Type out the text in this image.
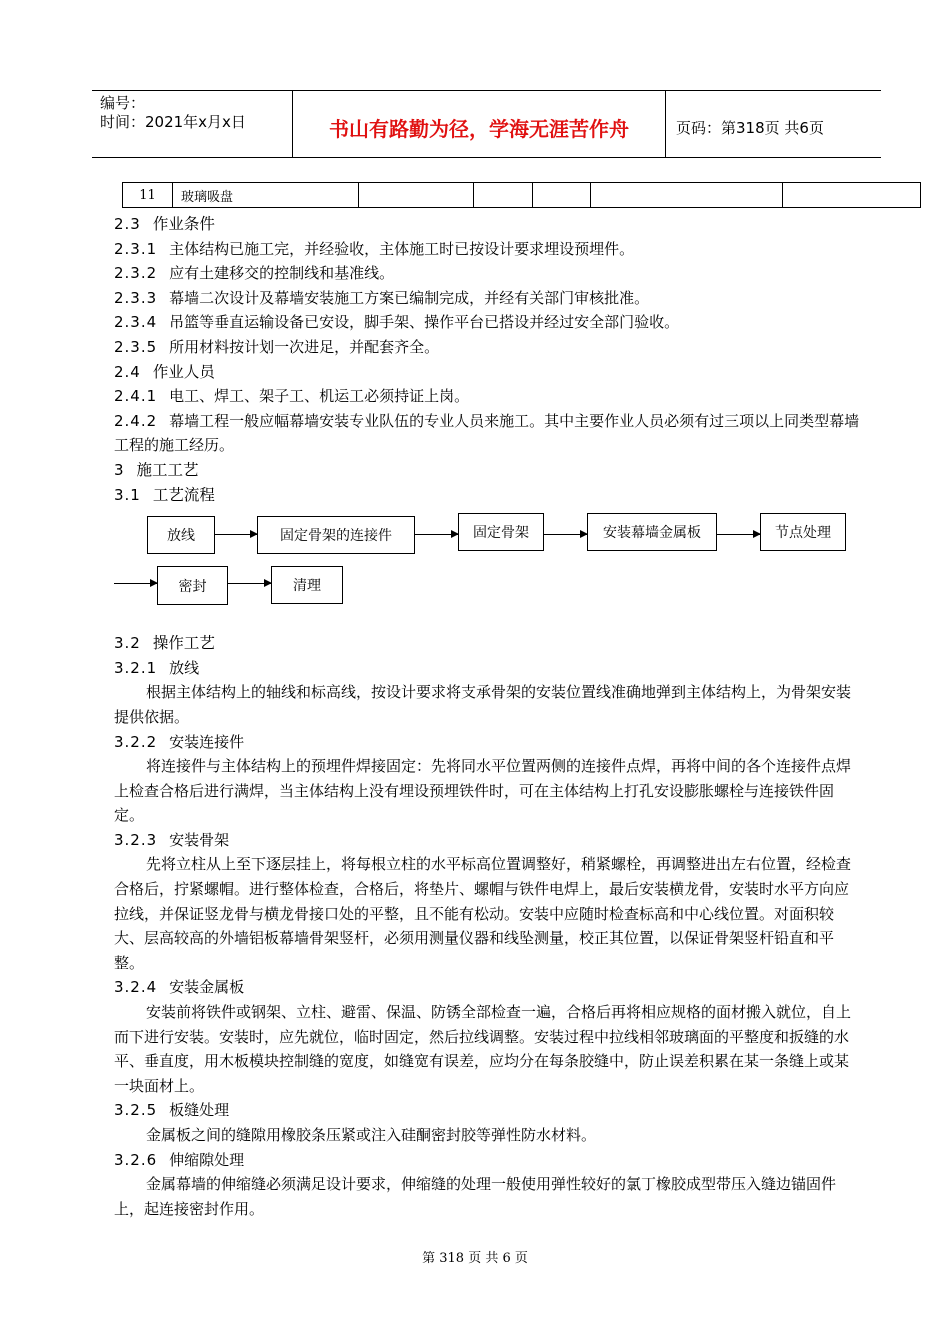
编号：
时间：2021年x月x日	书山有路勤为径，学海无涯苦作舟	页码：第318页 共6页
11	玻璃吸盘					

2.3 作业条件

2.3.1 主体结构已施工完，并经验收，主体施工时已按设计要求埋设预埋件。

2.3.2 应有土建移交的控制线和基准线。

2.3.3 幕墙二次设计及幕墙安装施工方案已编制完成，并经有关部门审核批准。

2.3.4 吊篮等垂直运输设备已安设，脚手架、操作平台已搭设并经过安全部门验收。

2.3.5 所用材料按计划一次进足，并配套齐全。

2.4 作业人员

2.4.1 电工、焊工、架子工、机运工必须持证上岗。

2.4.2 幕墙工程一般应幅幕墙安装专业队伍的专业人员来施工。其中主要作业人员必须有过三项以上同类型幕墙工程的施工经历。

3 施工工艺

3.1 工艺流程

3.2 操作工艺

3.2.1 放线

根据主体结构上的轴线和标高线，按设计要求将支承骨架的安装位置线准确地弹到主体结构上，为骨架安装提供依据。

3.2.2 安装连接件

将连接件与主体结构上的预埋件焊接固定：先将同水平位置两侧的连接件点焊，再将中间的各个连接件点焊上检查合格后进行满焊，当主体结构上没有埋设预埋铁件时，可在主体结构上打孔安设膨胀螺栓与连接铁件固定。

3.2.3 安装骨架

先将立柱从上至下逐层挂上，将每根立柱的水平标高位置调整好，稍紧螺栓，再调整进出左右位置，经检查合格后，拧紧螺帽。进行整体检查，合格后，将垫片、螺帽与铁件电焊上，最后安装横龙骨，安装时水平方向应拉线，并保证竖龙骨与横龙骨接口处的平整，且不能有松动。安装中应随时检查标高和中心线位置。对面积较大、层高较高的外墙铝板幕墙骨架竖杆，必须用测量仪器和线坠测量，校正其位置，以保证骨架竖杆铅直和平整。

3.2.4 安装金属板

安装前将铁件或钢架、立柱、避雷、保温、防锈全部检查一遍，合格后再将相应规格的面材搬入就位，自上而下进行安装。安装时，应先就位，临时固定，然后拉线调整。安装过程中拉线相邻玻璃面的平整度和扳缝的水平、垂直度，用木板模块控制缝的宽度，如缝宽有误差，应均分在每条胶缝中，防止误差积累在某一条缝上或某一块面材上。

3.2.5 板缝处理

金属板之间的缝隙用橡胶条压紧或注入硅酮密封胶等弹性防水材料。

3.2.6 伸缩隙处理

金属幕墙的伸缩缝必须满足设计要求，伸缩缝的处理一般使用弹性较好的氯丁橡胶成型带压入缝边锚固件上，起连接密封作用。

放线	固定骨架的连接件	固定骨架	安装幕墙金属板	节点处理
密封	清理
第 318 页 共 6 页
